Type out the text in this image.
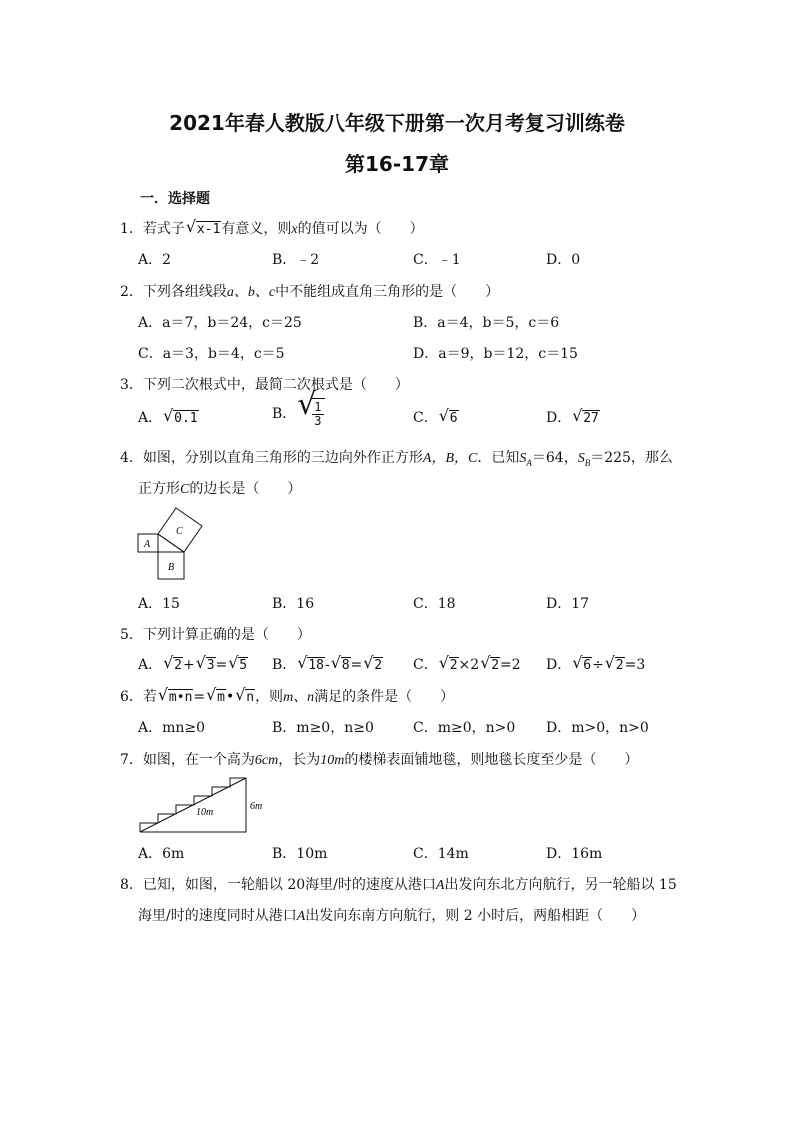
2021年春人教版八年级下册第一次月考复习训练卷
第16-17章
一．选择题
1．若式子 √ x-1有意义，则x的值可以为（　　）
A．2	B．﹣2	C．﹣1	D．0
2．下列各组线段a、b、c中不能组成直角三角形的是（　　）
A．a＝7，b＝24，c＝25	B．a＝4，b＝5，c＝6
C．a＝3，b＝4，c＝5	D．a＝9，b＝12，c＝15
3．下列二次根式中，最简二次根式是（　　）
A． √ 0.1	B． √
$\frac{1}{3}$	C． √ 6	D． √ 27
4．如图，分别以直角三角形的三边向外作正方形A，B，C．已知$S_A=64$，$S_B=225$，那么
正方形C的边长是（　　）
A
B
C
A．15	B．16	C．18	D．17
5．下列计算正确的是（　　）
A． √ 2+ √ 3= √ 5 B． √ 18- √ 8= √ 2 C． √ 2×2 √ 2=2 D． √ 6÷ √ 2=3
6．若 √ m•n= √ m• √ n，则m、n满足的条件是（　　）
A．mn≥0	B．m≥0，n≥0	C．m≥0，n>0 D．m>0，n>0
7．如图，在一个高为6cm，长为10m的楼梯表面铺地毯，则地毯长度至少是（　　）
10m
6m
A．6m	B．10m	C．14m	D．16m
8．已知，如图，一轮船以 20海里/时的速度从港口A出发向东北方向航行，另一轮船以 15
海里/时的速度同时从港口A出发向东南方向航行，则 2 小时后，两船相距（　　）
